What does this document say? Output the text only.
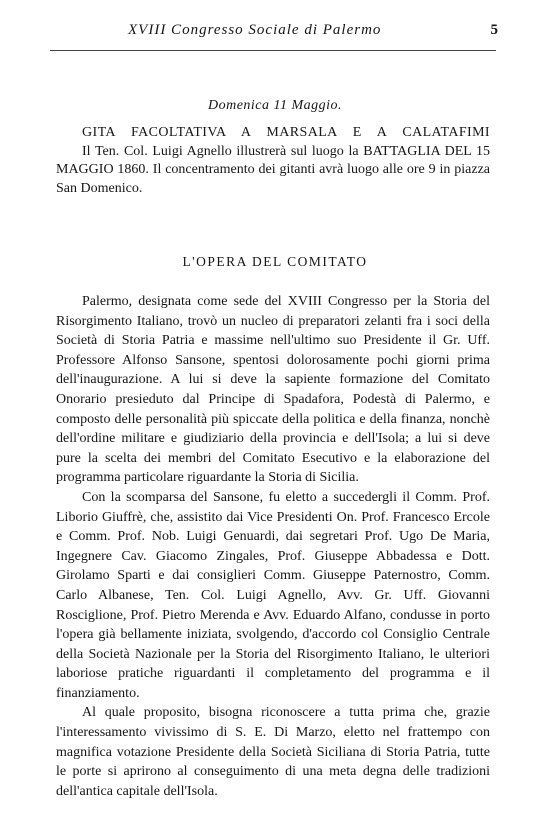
XVIII Congresso Sociale di Palermo	5
Domenica 11 Maggio.
GITA FACOLTATIVA A MARSALA E A CALATAFIMI
Il Ten. Col. Luigi Agnello illustrerà sul luogo la BATTAGLIA DEL 15 MAGGIO 1860. Il concentramento dei gitanti avrà luogo alle ore 9 in piazza San Domenico.
L'OPERA DEL COMITATO

Palermo, designata come sede del XVIII Congresso per la Storia del Risorgimento Italiano, trovò un nucleo di preparatori zelanti fra i soci della Società di Storia Patria e massime nell'ultimo suo Presidente il Gr. Uff. Professore Alfonso Sansone, spentosi dolorosamente pochi giorni prima dell'inaugurazione. A lui si deve la sapiente formazione del Comitato Onorario presieduto dal Principe di Spadafora, Podestà di Palermo, e composto delle personalità più spiccate della politica e della finanza, nonchè dell'ordine militare e giudiziario della provincia e dell'Isola; a lui si deve pure la scelta dei membri del Comitato Esecutivo e la elaborazione del programma particolare riguardante la Storia di Sicilia.

Con la scomparsa del Sansone, fu eletto a succedergli il Comm. Prof. Liborio Giuffrè, che, assistito dai Vice Presidenti On. Prof. Francesco Ercole e Comm. Prof. Nob. Luigi Genuardi, dai segretari Prof. Ugo De Maria, Ingegnere Cav. Giacomo Zingales, Prof. Giuseppe Abbadessa e Dott. Girolamo Sparti e dai consiglieri Comm. Giuseppe Paternostro, Comm. Carlo Albanese, Ten. Col. Luigi Agnello, Avv. Gr. Uff. Giovanni Rosciglione, Prof. Pietro Merenda e Avv. Eduardo Alfano, condusse in porto l'opera già bellamente iniziata, svolgendo, d'accordo col Consiglio Centrale della Società Nazionale per la Storia del Risorgimento Italiano, le ulteriori laboriose pratiche riguardanti il completamento del programma e il finanziamento.

Al quale proposito, bisogna riconoscere a tutta prima che, grazie l'interessamento vivissimo di S. E. Di Marzo, eletto nel frattempo con magnifica votazione Presidente della Società Siciliana di Storia Patria, tutte le porte si aprirono al conseguimento di una meta degna delle tradizioni dell'antica capitale dell'Isola.
